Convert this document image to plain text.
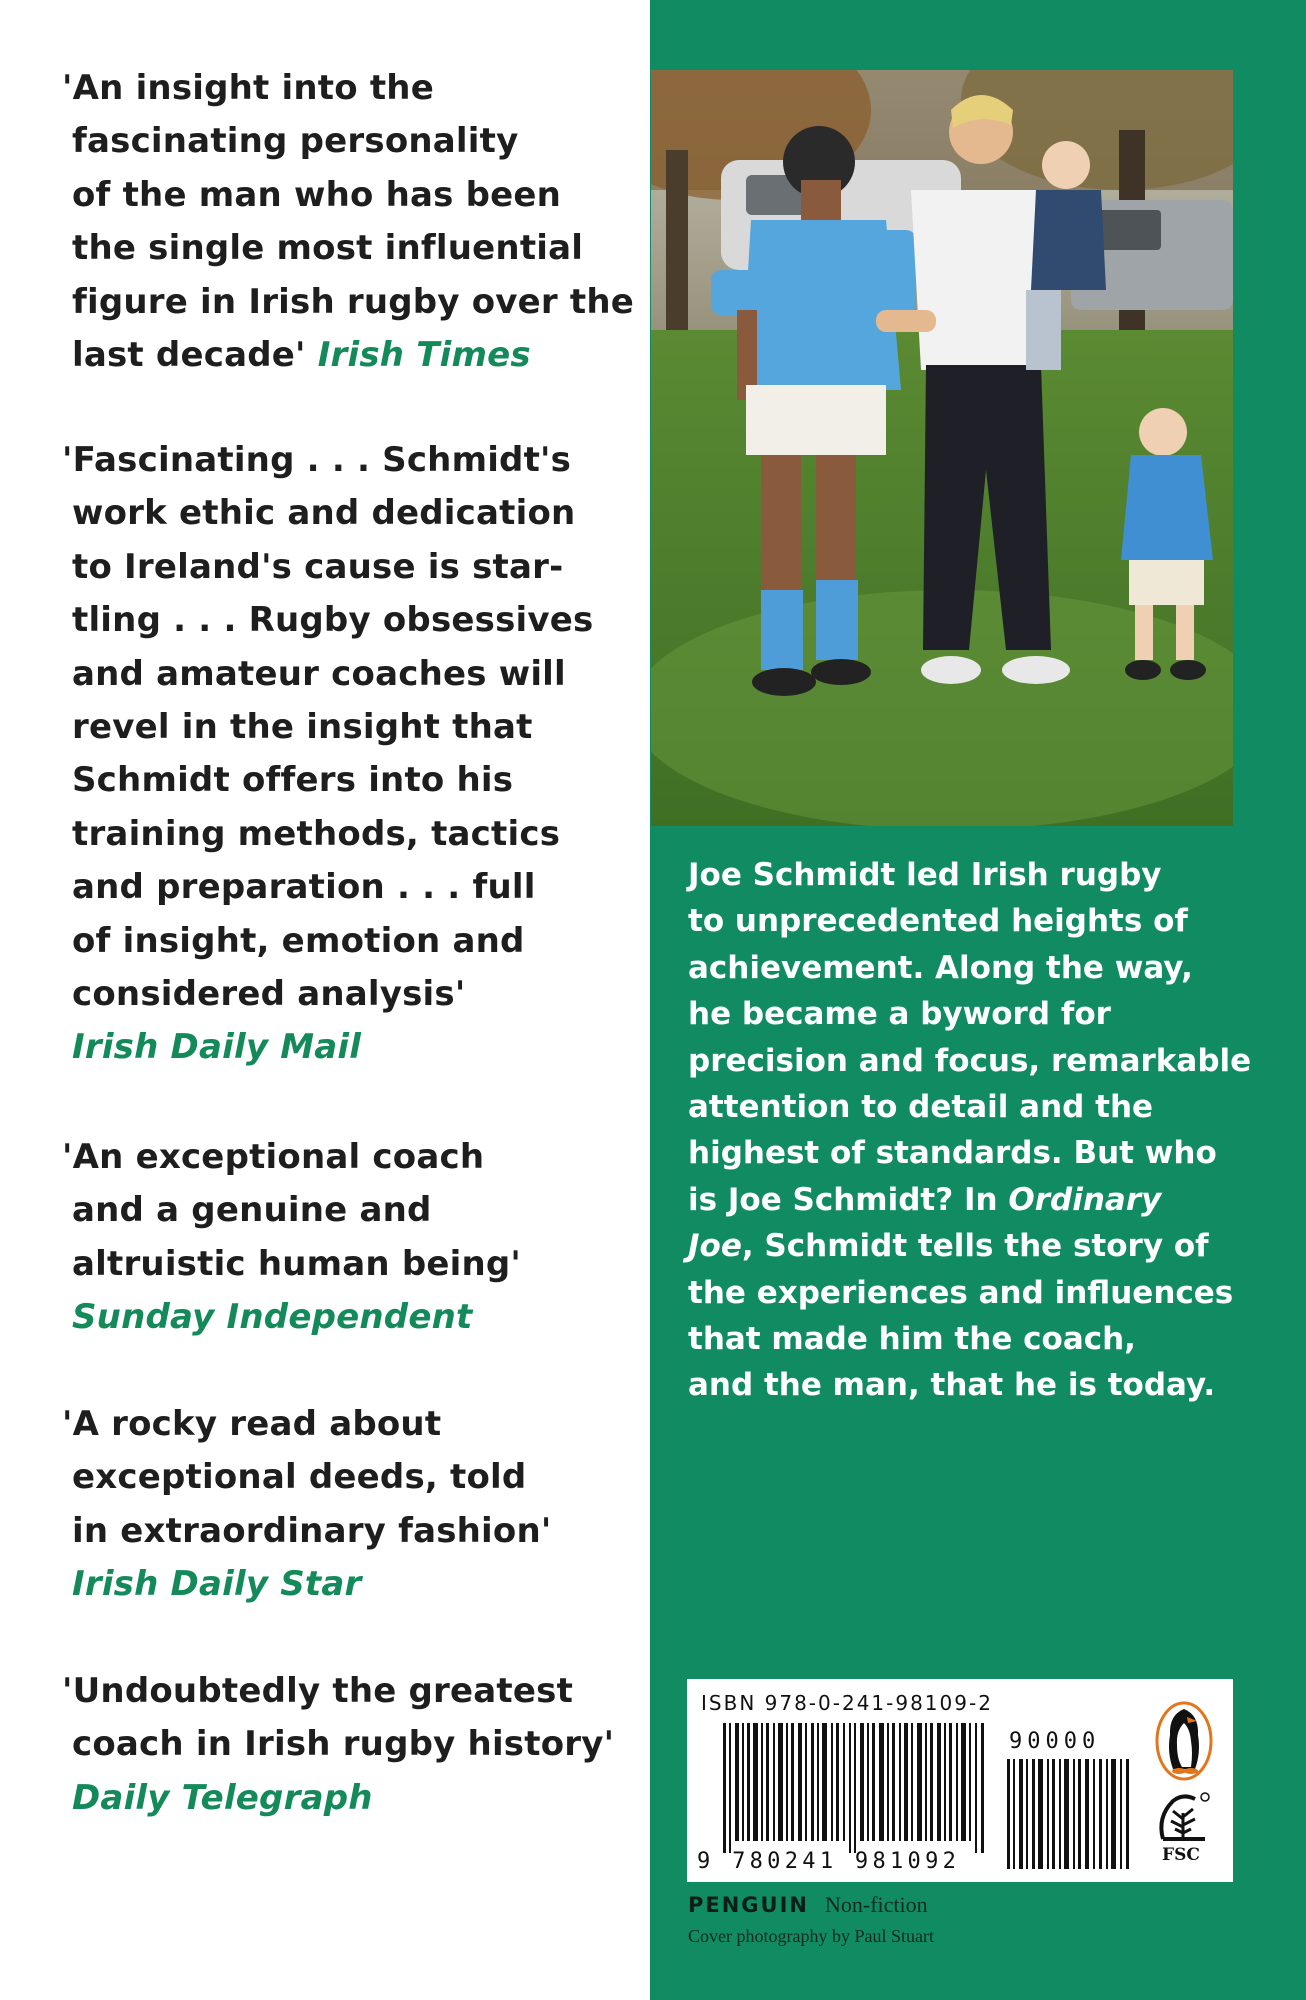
'An insight into the
fascinating personality
of the man who has been
the single most influential
figure in Irish rugby over the
last decade' Irish Times
'Fascinating . . . Schmidt's
work ethic and dedication
to Ireland's cause is star-
tling . . . Rugby obsessives
and amateur coaches will
revel in the insight that
Schmidt offers into his
training methods, tactics
and preparation . . . full
of insight, emotion and
considered analysis'
Irish Daily Mail
'An exceptional coach
and a genuine and
altruistic human being'
Sunday Independent
'A rocky read about
exceptional deeds, told
in extraordinary fashion'
Irish Daily Star
'Undoubtedly the greatest
coach in Irish rugby history'
Daily Telegraph
Joe Schmidt led Irish rugby
to unprecedented heights of
achievement. Along the way,
he became a byword for
precision and focus, remarkable
attention to detail and the
highest of standards. But who
is Joe Schmidt? In Ordinary
Joe, Schmidt tells the story of
the experiences and influences
that made him the coach,
and the man, that he is today.
ISBN 978-0-241-98109-2
9 780241 981092
90000
FSC
PENGUIN Non-fiction
Cover photography by Paul Stuart
